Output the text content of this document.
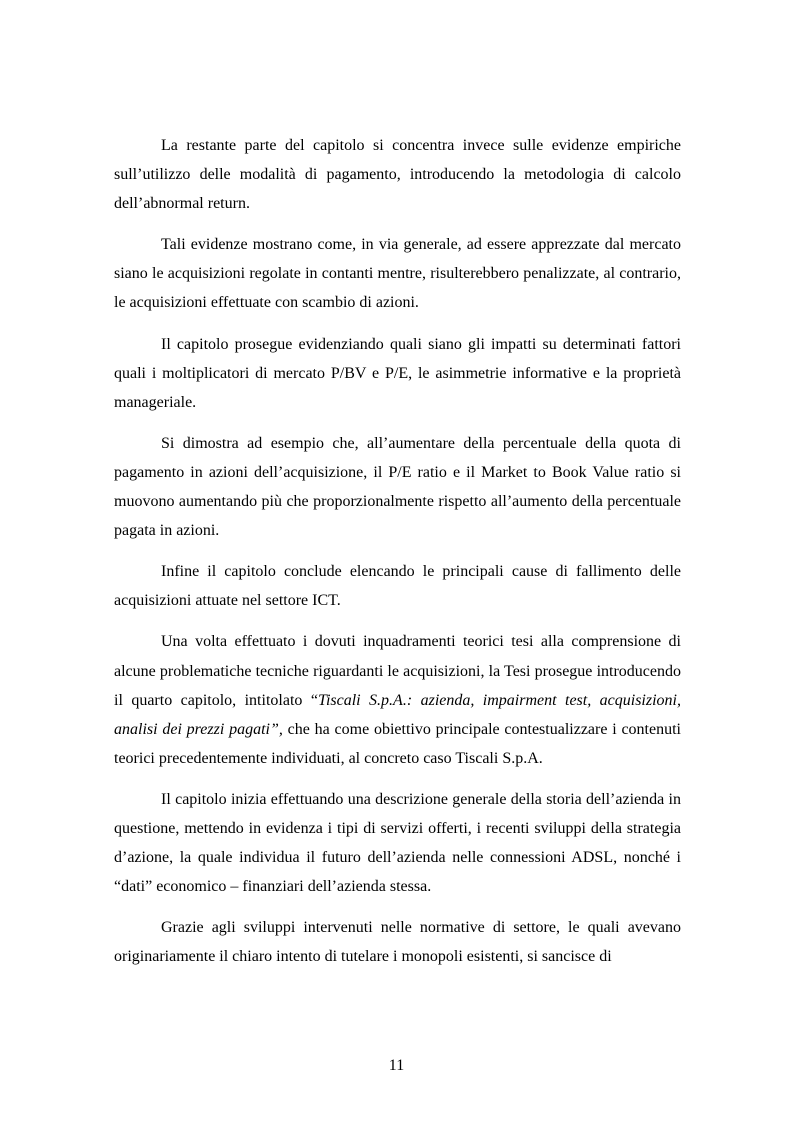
La restante parte del capitolo si concentra invece sulle evidenze empiriche sull’utilizzo delle modalità di pagamento, introducendo la metodologia di calcolo dell’abnormal return.

Tali evidenze mostrano come, in via generale, ad essere apprezzate dal mercato siano le acquisizioni regolate in contanti mentre, risulterebbero penalizzate, al contrario, le acquisizioni effettuate con scambio di azioni.

Il capitolo prosegue evidenziando quali siano gli impatti su determinati fattori quali i moltiplicatori di mercato P/BV e P/E, le asimmetrie informative e la proprietà manageriale.

Si dimostra ad esempio che, all’aumentare della percentuale della quota di pagamento in azioni dell’acquisizione, il P/E ratio e il Market to Book Value ratio si muovono aumentando più che proporzionalmente rispetto all’aumento della percentuale pagata in azioni.

Infine il capitolo conclude elencando le principali cause di fallimento delle acquisizioni attuate nel settore ICT.

Una volta effettuato i dovuti inquadramenti teorici tesi alla comprensione di alcune problematiche tecniche riguardanti le acquisizioni, la Tesi prosegue introducendo il quarto capitolo, intitolato “Tiscali S.p.A.: azienda, impairment test, acquisizioni, analisi dei prezzi pagati”, che ha come obiettivo principale contestualizzare i contenuti teorici precedentemente individuati, al concreto caso Tiscali S.p.A.

Il capitolo inizia effettuando una descrizione generale della storia dell’azienda in questione, mettendo in evidenza i tipi di servizi offerti, i recenti sviluppi della strategia d’azione, la quale individua il futuro dell’azienda nelle connessioni ADSL, nonché i “dati” economico – finanziari dell’azienda stessa.

Grazie agli sviluppi intervenuti nelle normative di settore, le quali avevano originariamente il chiaro intento di tutelare i monopoli esistenti, si sancisce di

11
